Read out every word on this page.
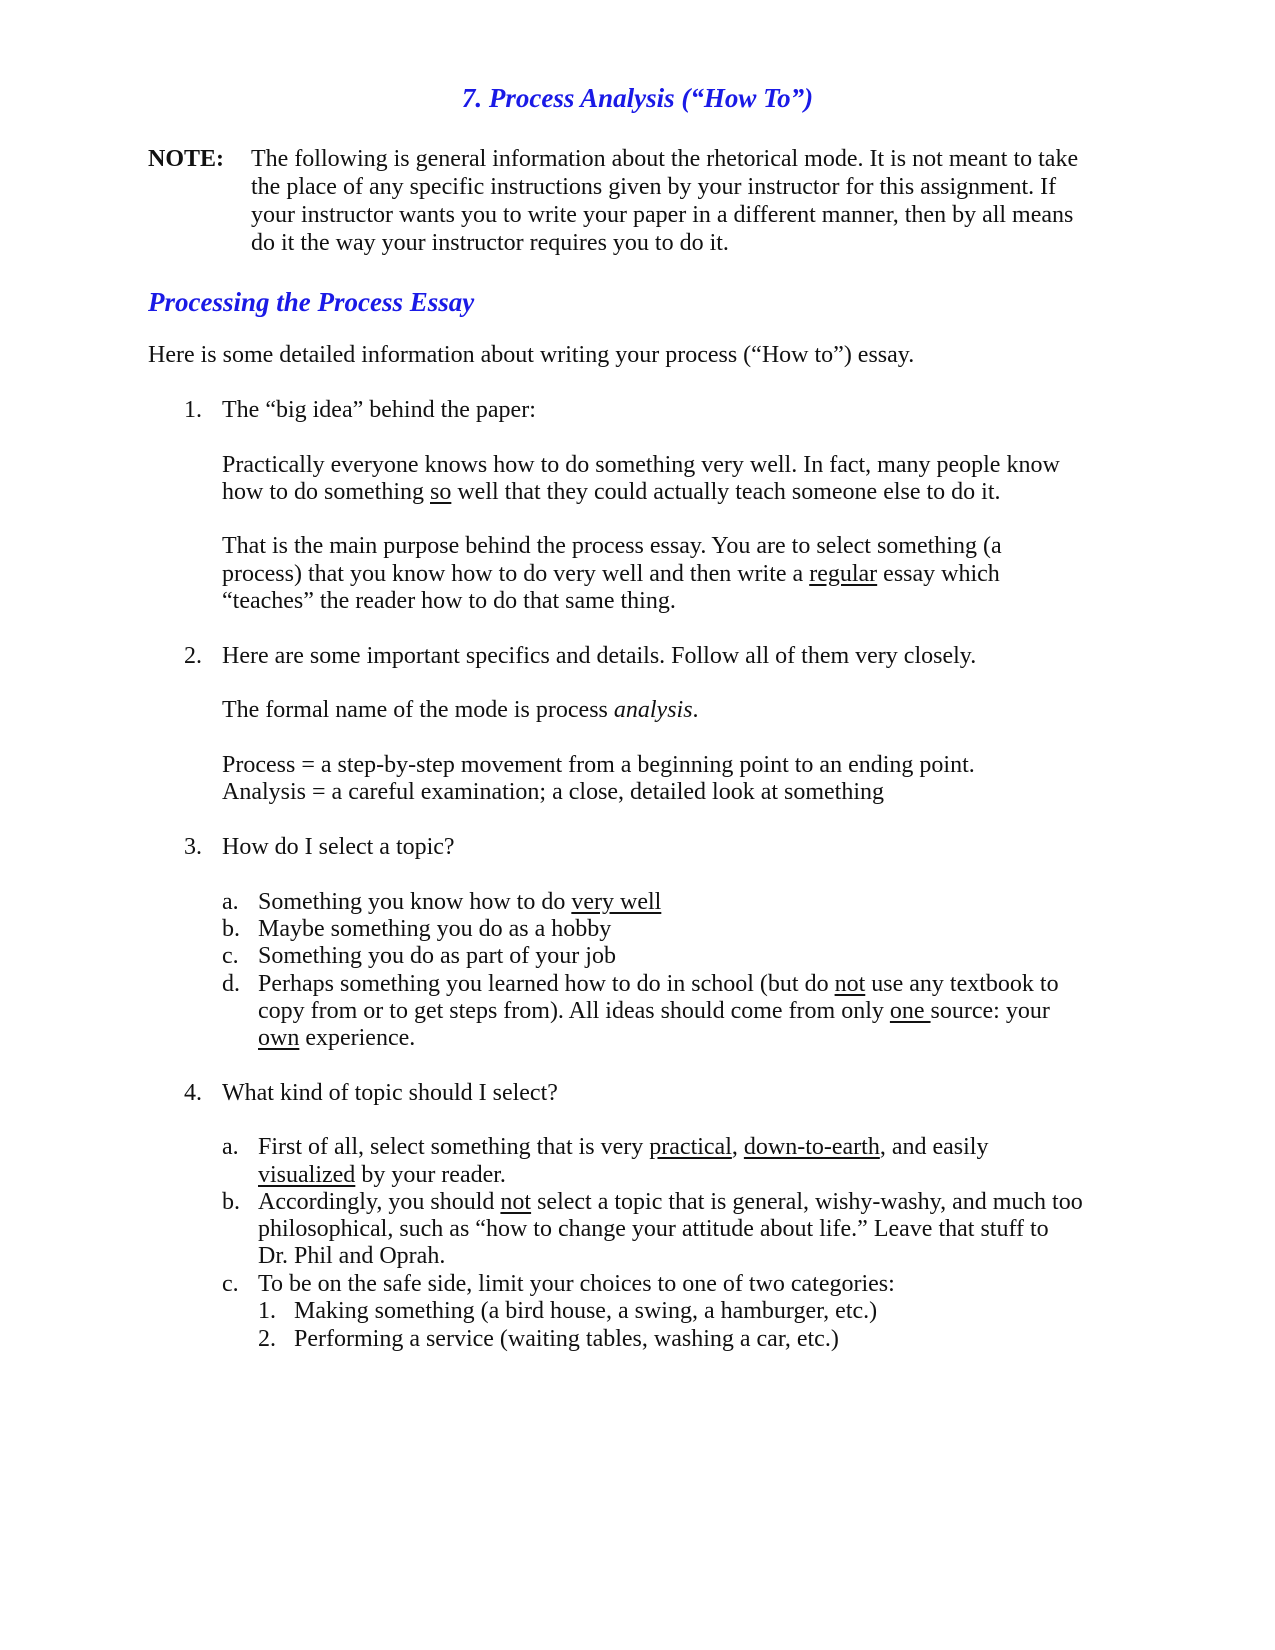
7. Process Analysis (“How To”)
NOTE: The following is general information about the rhetorical mode. It is not meant to take
the place of any specific instructions given by your instructor for this assignment. If
your instructor wants you to write your paper in a different manner, then by all means
do it the way your instructor requires you to do it.
Processing the Process Essay

Here is some detailed information about writing your process (“How to”) essay.

1. The “big idea” behind the paper:

Practically everyone knows how to do something very well. In fact, many people know

how to do something so well that they could actually teach someone else to do it.

That is the main purpose behind the process essay. You are to select something (a

process) that you know how to do very well and then write a regular essay which

“teaches” the reader how to do that same thing.

2. Here are some important specifics and details. Follow all of them very closely.

The formal name of the mode is process analysis.

Process = a step-by-step movement from a beginning point to an ending point.

Analysis = a careful examination; a close, detailed look at something

3. How do I select a topic?

a. Something you know how to do very well

b. Maybe something you do as a hobby

c. Something you do as part of your job

d. Perhaps something you learned how to do in school (but do not use any textbook to

copy from or to get steps from). All ideas should come from only one source: your

own experience.

4. What kind of topic should I select?

a. First of all, select something that is very practical, down-to-earth, and easily

visualized by your reader.

b. Accordingly, you should not select a topic that is general, wishy-washy, and much too

philosophical, such as “how to change your attitude about life.” Leave that stuff to

Dr. Phil and Oprah.

c. To be on the safe side, limit your choices to one of two categories:

1. Making something (a bird house, a swing, a hamburger, etc.)

2. Performing a service (waiting tables, washing a car, etc.)
